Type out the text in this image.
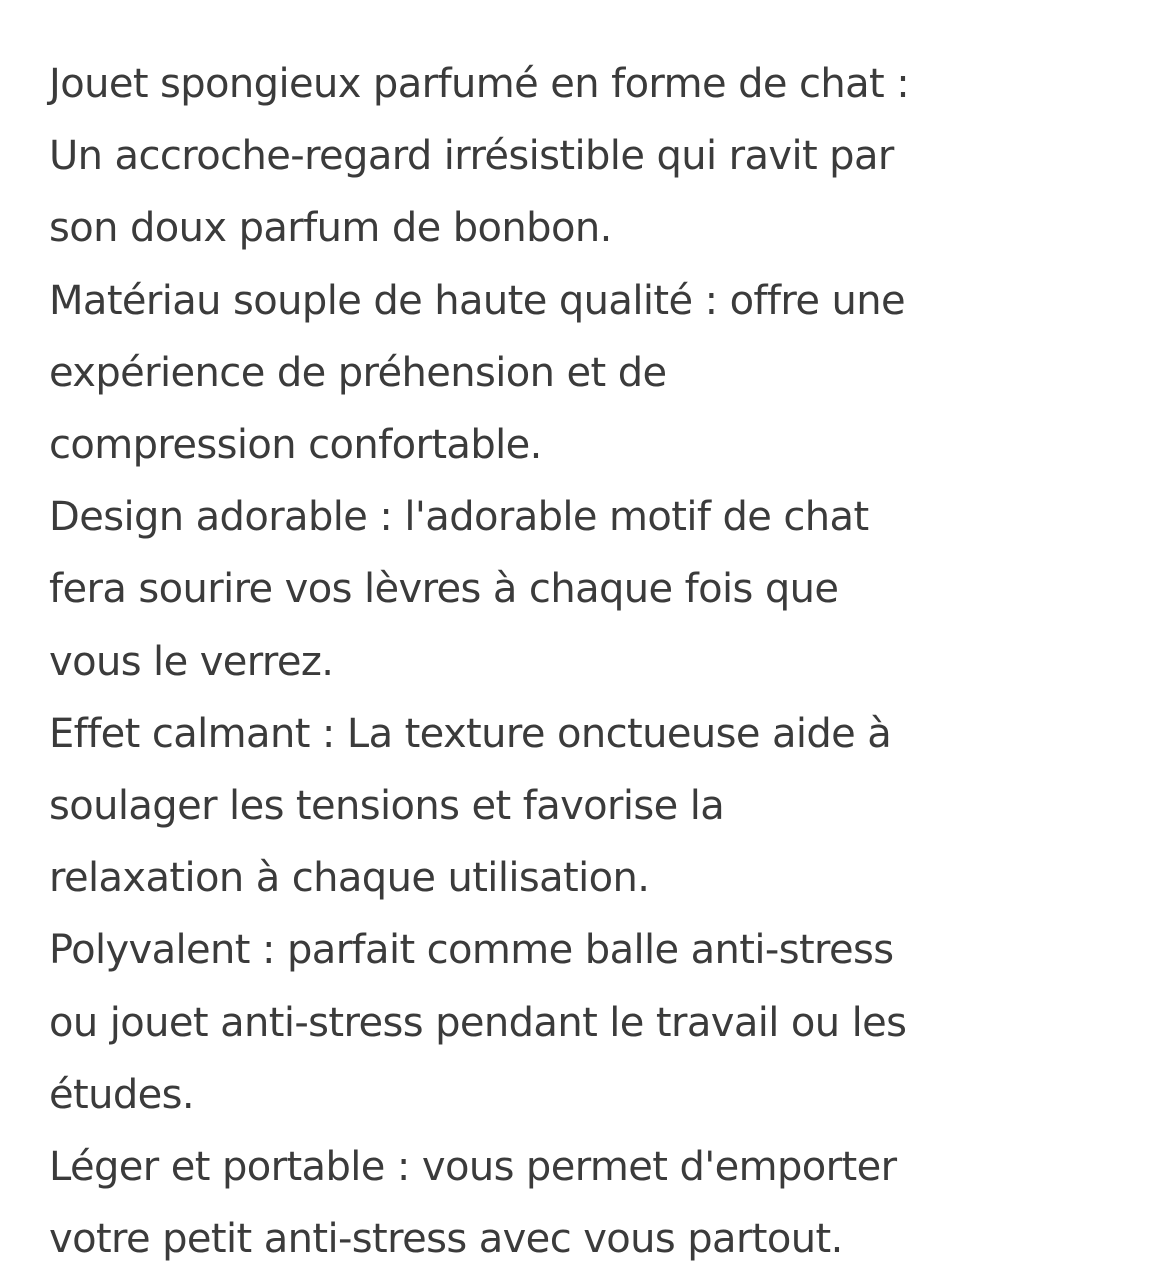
Jouet spongieux parfumé en forme de chat :
Un accroche-regard irrésistible qui ravit par
son doux parfum de bonbon.

Matériau souple de haute qualité : offre une
expérience de préhension et de
compression confortable.

Design adorable : l'adorable motif de chat
fera sourire vos lèvres à chaque fois que
vous le verrez.

Effet calmant : La texture onctueuse aide à
soulager les tensions et favorise la
relaxation à chaque utilisation.

Polyvalent : parfait comme balle anti-stress
ou jouet anti-stress pendant le travail ou les
études.

Léger et portable : vous permet d'emporter
votre petit anti-stress avec vous partout.
